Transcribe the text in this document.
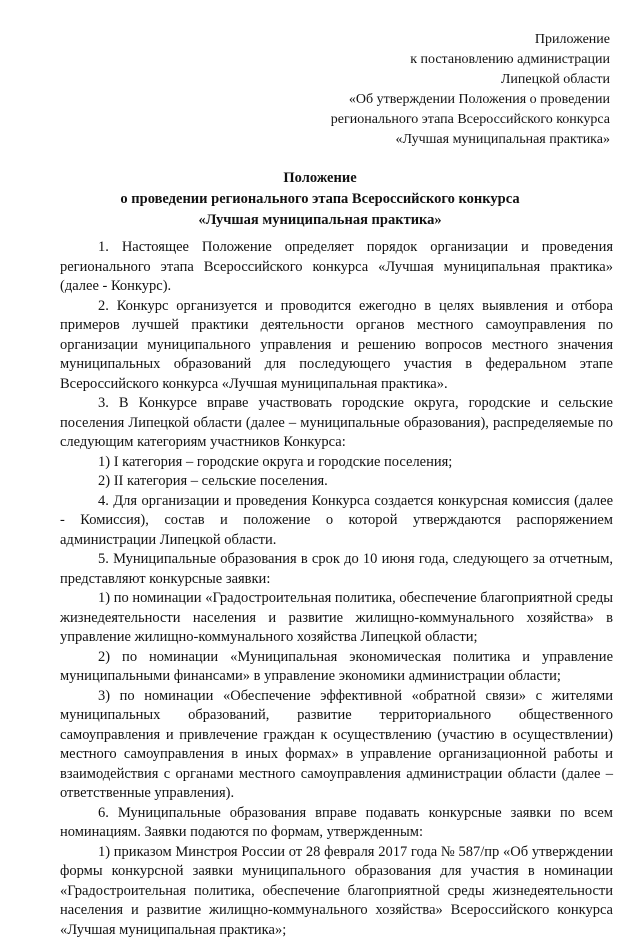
Приложение
к постановлению администрации
Липецкой области
«Об утверждении Положения о проведении
регионального этапа Всероссийского конкурса
«Лучшая муниципальная практика»
Положение
о проведении регионального этапа Всероссийского конкурса
«Лучшая муниципальная практика»

1. Настоящее Положение определяет порядок организации и проведения регионального этапа Всероссийского конкурса «Лучшая муниципальная практика» (далее - Конкурс).

2. Конкурс организуется и проводится ежегодно в целях выявления и отбора примеров лучшей практики деятельности органов местного самоуправления по организации муниципального управления и решению вопросов местного значения муниципальных образований для последующего участия в федеральном этапе Всероссийского конкурса «Лучшая муниципальная практика».

3. В Конкурсе вправе участвовать городские округа, городские и сельские поселения Липецкой области (далее – муниципальные образования), распределяемые по следующим категориям участников Конкурса:

1) I категория – городские округа и городские поселения;

2) II категория – сельские поселения.

4. Для организации и проведения Конкурса создается конкурсная комиссия (далее - Комиссия), состав и положение о которой утверждаются распоряжением администрации Липецкой области.

5. Муниципальные образования в срок до 10 июня года, следующего за отчетным, представляют конкурсные заявки:

1) по номинации «Градостроительная политика, обеспечение благоприятной среды жизнедеятельности населения и развитие жилищно-коммунального хозяйства» в управление жилищно-коммунального хозяйства Липецкой области;

2) по номинации «Муниципальная экономическая политика и управление муниципальными финансами» в управление экономики администрации области;

3) по номинации «Обеспечение эффективной «обратной связи» с жителями муниципальных образований, развитие территориального общественного самоуправления и привлечение граждан к осуществлению (участию в осуществлении) местного самоуправления в иных формах» в управление организационной работы и взаимодействия с органами местного самоуправления администрации области (далее – ответственные управления).

6. Муниципальные образования вправе подавать конкурсные заявки по всем номинациям. Заявки подаются по формам, утвержденным:

1) приказом Минстроя России от 28 февраля 2017 года № 587/пр «Об утверждении формы конкурсной заявки муниципального образования для участия в номинации «Градостроительная политика, обеспечение благоприятной среды жизнедеятельности населения и развитие жилищно-коммунального хозяйства» Всероссийского конкурса «Лучшая муниципальная практика»;
